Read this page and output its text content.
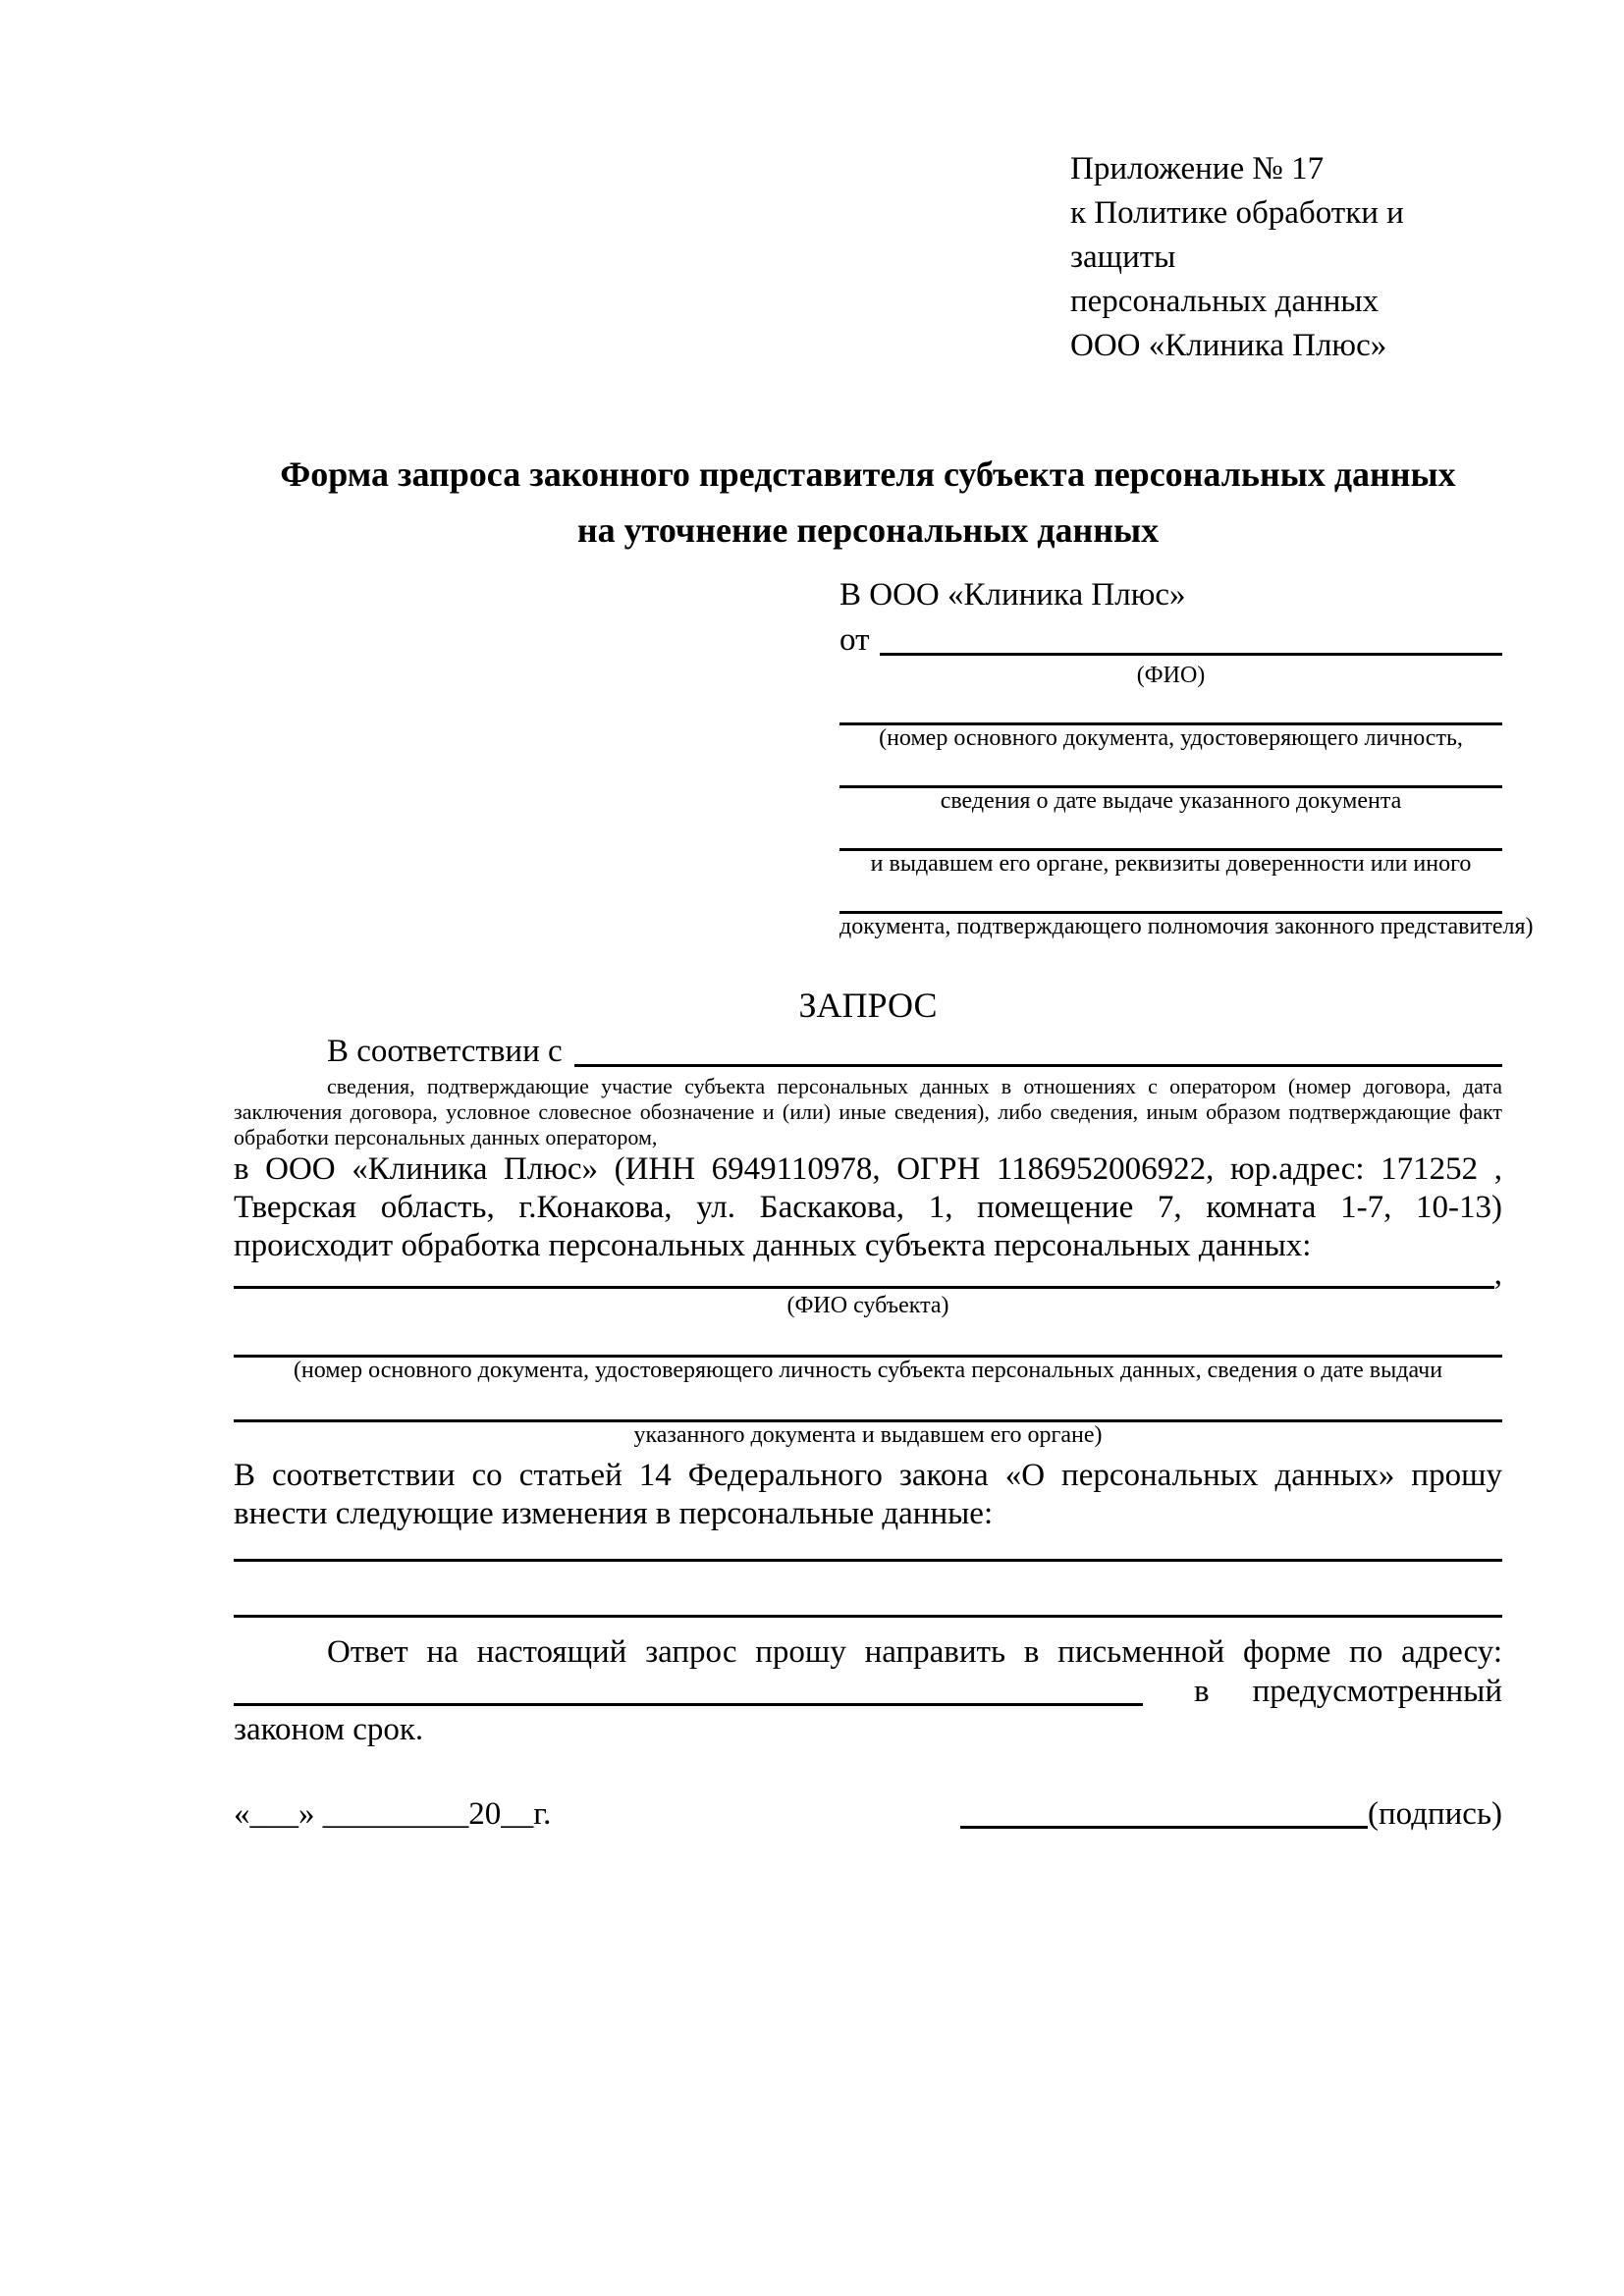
Приложение № 17
к Политике обработки и защиты
персональных данных
ООО «Клиника Плюс»
Форма запроса законного представителя субъекта персональных данных
на уточнение персональных данных
В ООО «Клиника Плюс»
от
(ФИО)
(номер основного документа, удостоверяющего личность,
сведения о дате выдаче указанного документа
и выдавшем его органе, реквизиты доверенности или иного
документа, подтверждающего полномочия законного представителя)
ЗАПРОС
В соответствии с
сведения, подтверждающие участие субъекта персональных данных в отношениях с оператором (номер договора, дата заключения договора, условное словесное обозначение и (или) иные сведения), либо сведения, иным образом подтверждающие факт обработки персональных данных оператором,
в ООО «Клиника Плюс» (ИНН 6949110978, ОГРН 1186952006922, юр.адрес: 171252 , Тверская область, г.Конакова, ул. Баскакова, 1, помещение 7, комната 1-7, 10-13) происходит обработка персональных данных субъекта персональных данных:
,
(ФИО субъекта)
(номер основного документа, удостоверяющего личность субъекта персональных данных, сведения о дате выдачи
указанного документа и выдавшем его органе)
В соответствии со статьей 14 Федерального закона «О персональных данных» прошу внести следующие изменения в персональные данные:
Ответ на настоящий запрос прошу направить в письменной форме по адресу:
в предусмотренный
законом срок.
«___» _________20__г.	(подпись)
